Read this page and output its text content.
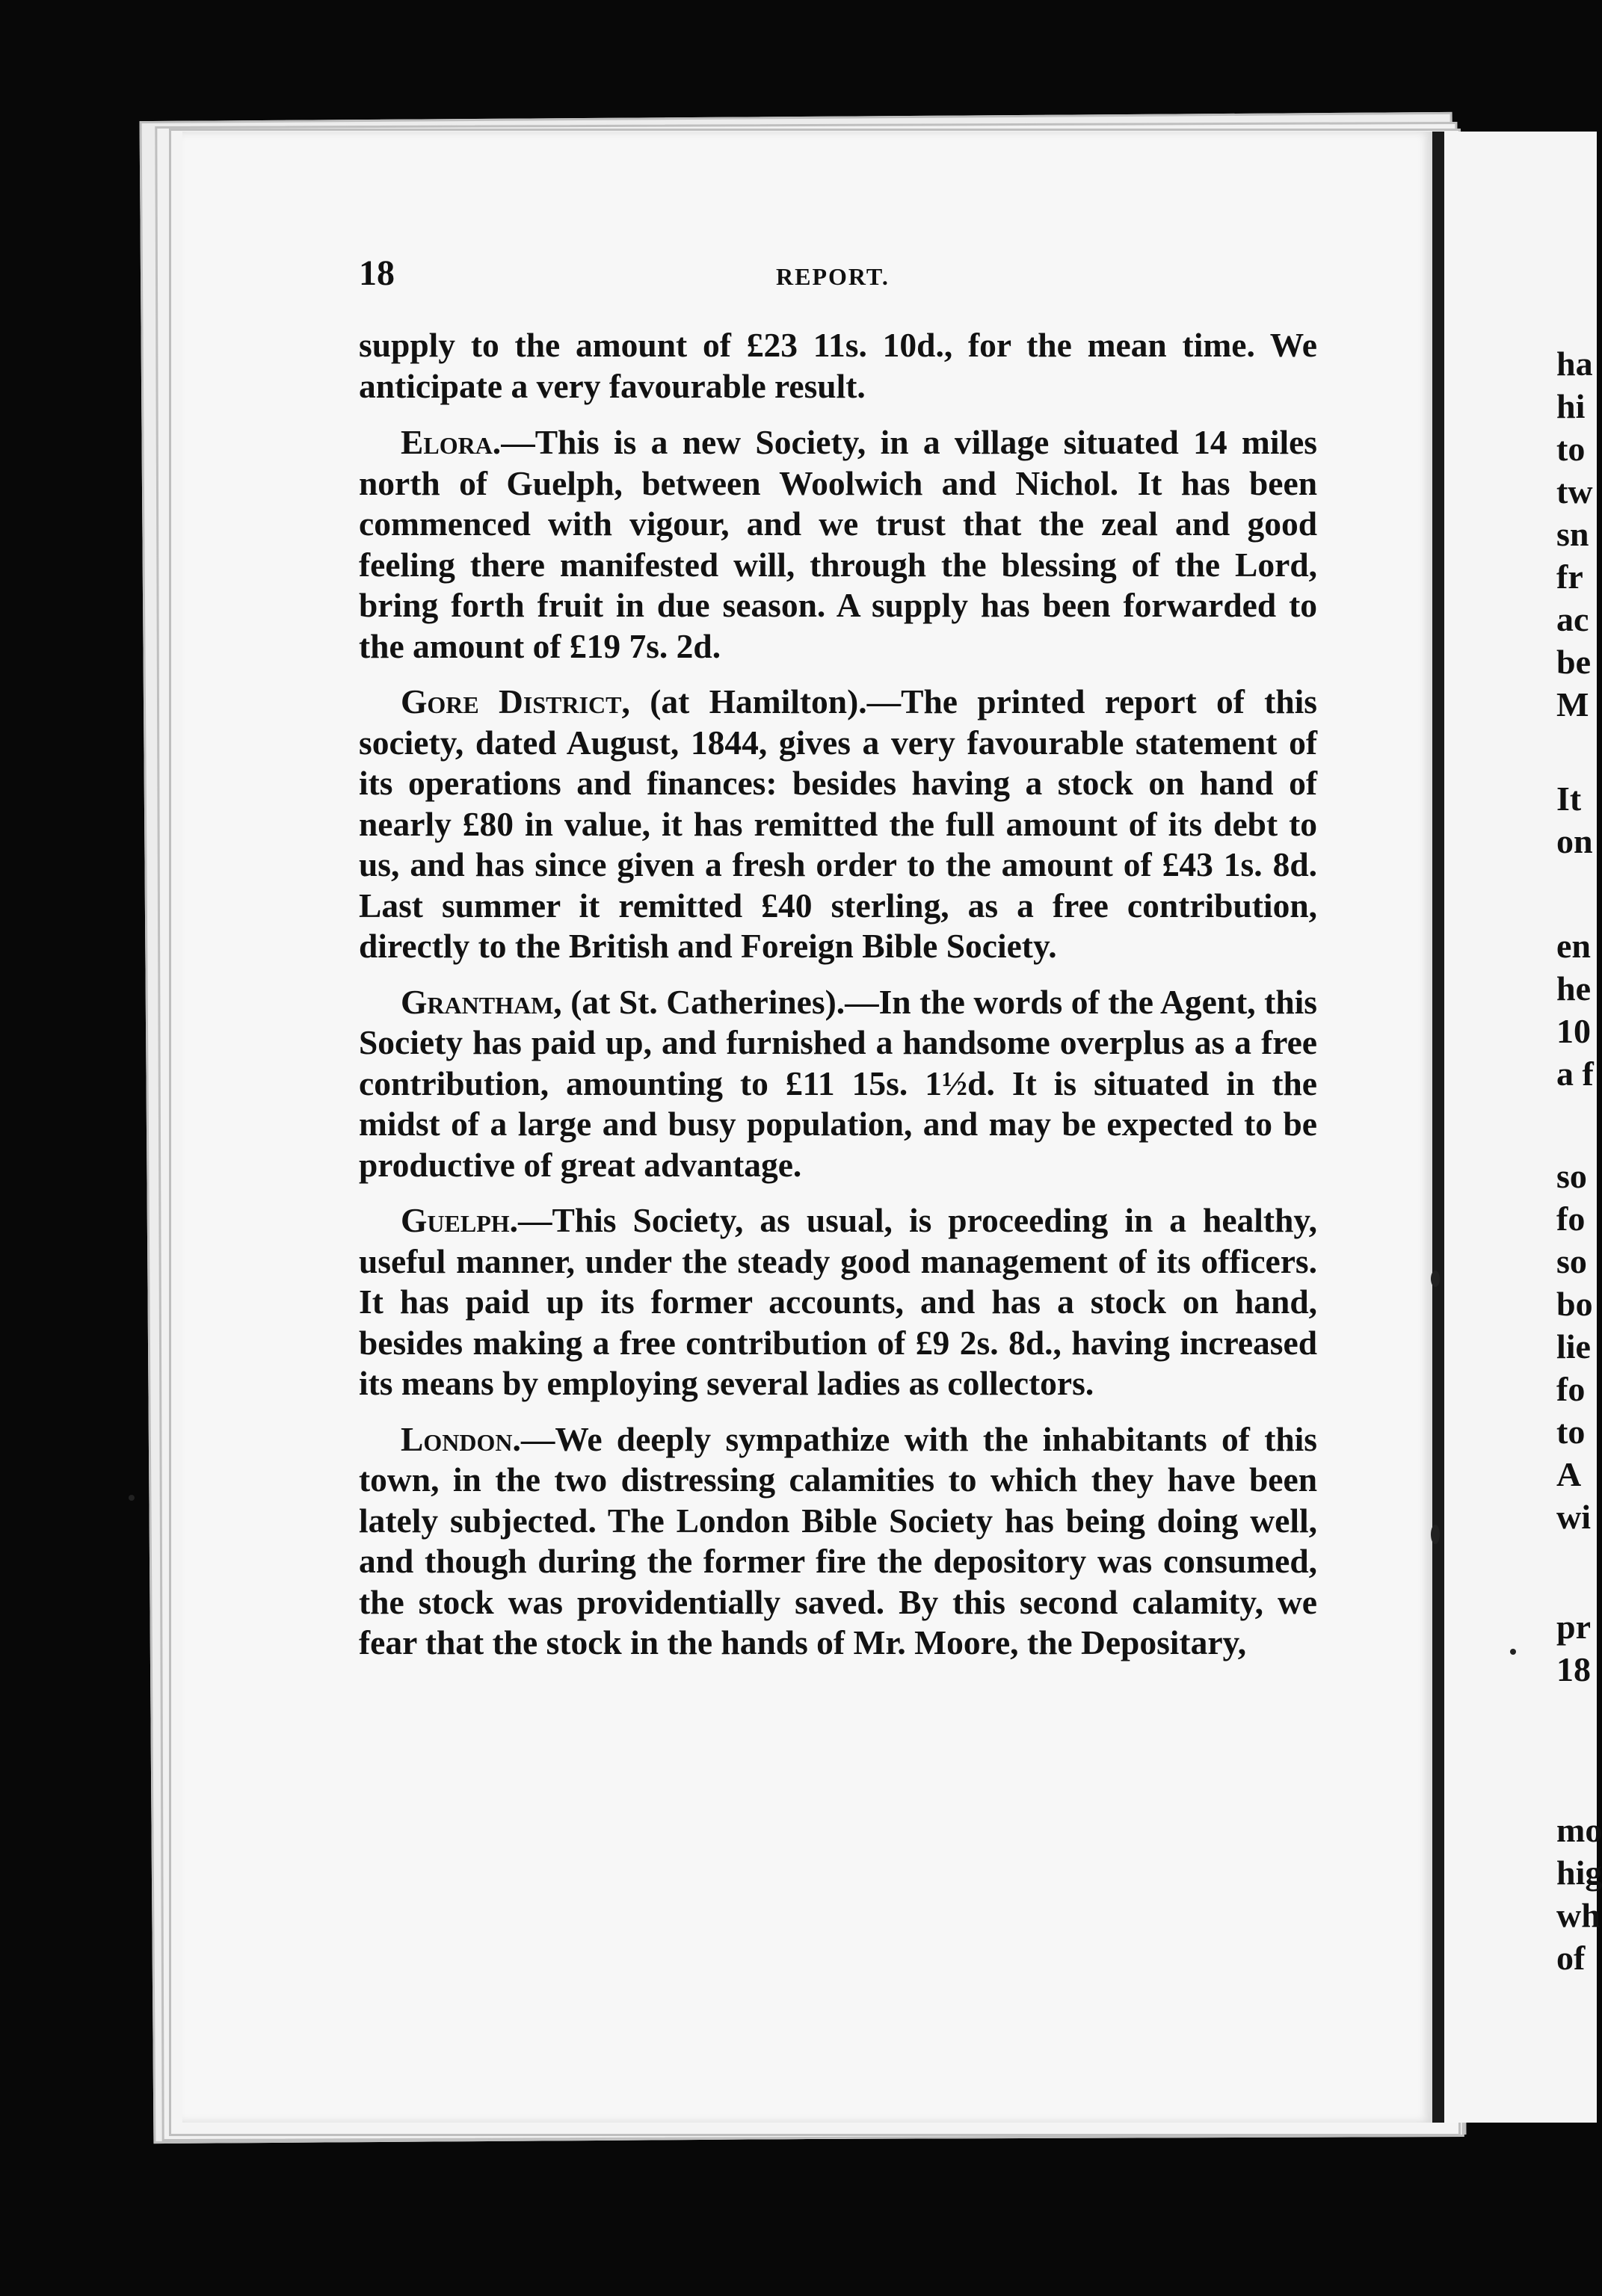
ha
hi
to
tw
sn
fr
ac
be
M
It
on
en
he
10
a f
so
fo
so
bo
lie
fo
to
A
wi
pr
18
mo
hig
wh
of
18	REPORT.

supply to the amount of £23 11s. 10d., for the mean time. We anticipate a very favourable result.

Elora.—This is a new Society, in a village situated 14 miles north of Guelph, between Woolwich and Nichol. It has been commenced with vigour, and we trust that the zeal and good feeling there manifested will, through the blessing of the Lord, bring forth fruit in due season. A supply has been forwarded to the amount of £19 7s. 2d.

Gore District, (at Hamilton).—The printed report of this society, dated August, 1844, gives a very favourable statement of its operations and finances: besides having a stock on hand of nearly £80 in value, it has remitted the full amount of its debt to us, and has since given a fresh order to the amount of £43 1s. 8d. Last summer it remitted £40 sterling, as a free contribution, directly to the British and Foreign Bible Society.

Grantham, (at St. Catherines).—In the words of the Agent, this Society has paid up, and furnished a handsome overplus as a free contribution, amounting to £11 15s. 1½d. It is situated in the midst of a large and busy population, and may be expected to be productive of great advantage.

Guelph.—This Society, as usual, is proceeding in a healthy, useful manner, under the steady good management of its officers. It has paid up its former accounts, and has a stock on hand, besides making a free contribution of £9 2s. 8d., having increased its means by employing several ladies as collectors.

London.—We deeply sympathize with the inhabitants of this town, in the two distressing calamities to which they have been lately subjected. The London Bible Society has being doing well, and though during the former fire the depository was consumed, the stock was providentially saved. By this second calamity, we fear that the stock in the hands of Mr. Moore, the Depositary,
